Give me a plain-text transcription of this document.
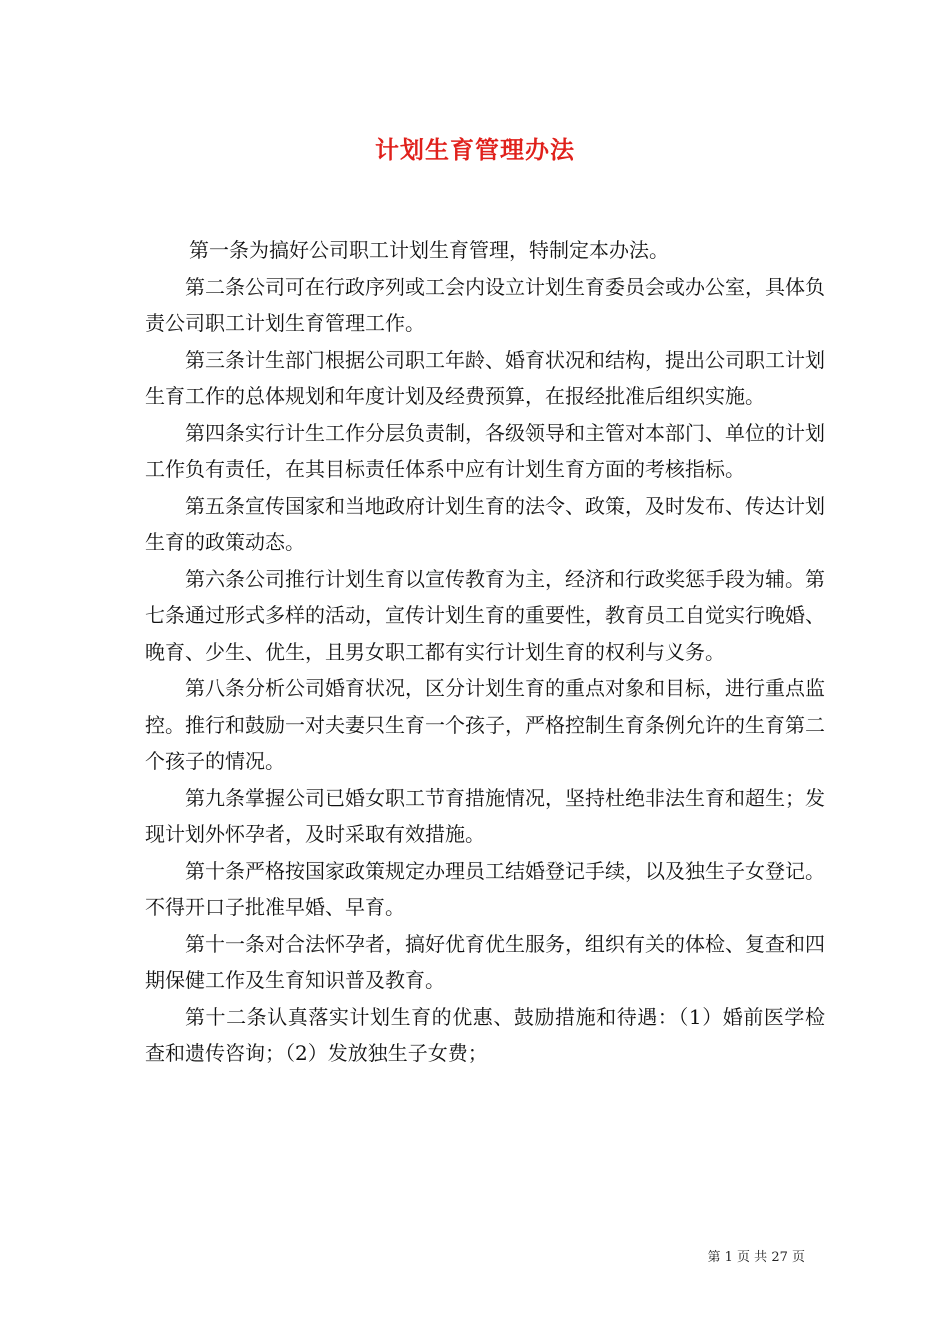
计划生育管理办法

第一条为搞好公司职工计划生育管理，特制定本办法。

第二条公司可在行政序列或工会内设立计划生育委员会或办公室，具体负责公司职工计划生育管理工作。

第三条计生部门根据公司职工年龄、婚育状况和结构，提出公司职工计划生育工作的总体规划和年度计划及经费预算，在报经批准后组织实施。

第四条实行计生工作分层负责制，各级领导和主管对本部门、单位的计划工作负有责任，在其目标责任体系中应有计划生育方面的考核指标。

第五条宣传国家和当地政府计划生育的法令、政策，及时发布、传达计划生育的政策动态。

第六条公司推行计划生育以宣传教育为主，经济和行政奖惩手段为辅。第七条通过形式多样的活动，宣传计划生育的重要性，教育员工自觉实行晚婚、晚育、少生、优生，且男女职工都有实行计划生育的权利与义务。

第八条分析公司婚育状况，区分计划生育的重点对象和目标，进行重点监控。推行和鼓励一对夫妻只生育一个孩子，严格控制生育条例允许的生育第二个孩子的情况。

第九条掌握公司已婚女职工节育措施情况，坚持杜绝非法生育和超生；发现计划外怀孕者，及时采取有效措施。

第十条严格按国家政策规定办理员工结婚登记手续，以及独生子女登记。不得开口子批准早婚、早育。

第十一条对合法怀孕者，搞好优育优生服务，组织有关的体检、复查和四期保健工作及生育知识普及教育。

第十二条认真落实计划生育的优惠、鼓励措施和待遇：（1）婚前医学检查和遗传咨询；（2）发放独生子女费；

第 1 页 共 27 页
